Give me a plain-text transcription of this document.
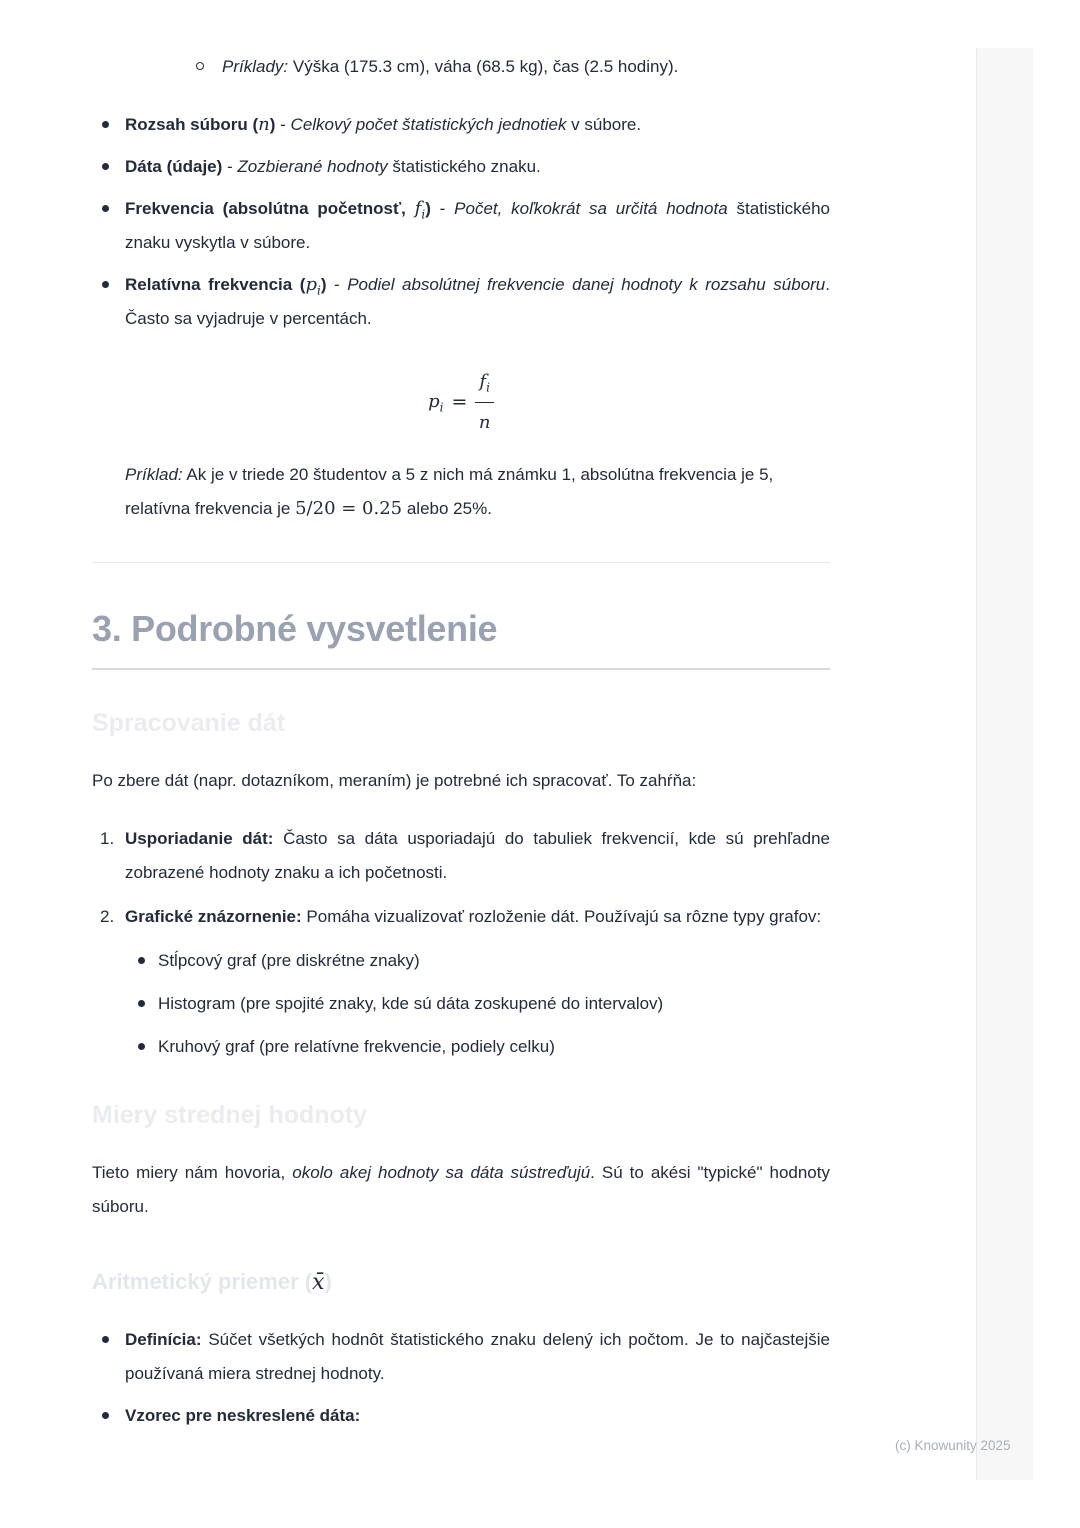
Príklady: Výška (175.3 cm), váha (68.5 kg), čas (2.5 hodiny).
Rozsah súboru (n) - Celkový počet štatistických jednotiek v súbore.
Dáta (údaje) - Zozbierané hodnoty štatistického znaku.
Frekvencia (absolútna početnosť, $f_i$) - Počet, koľkokrát sa určitá hodnota štatistického znaku vyskytla v súbore.
Relatívna frekvencia $(p_i)$ - Podiel absolútnej frekvencie danej hodnoty k rozsahu súboru. Často sa vyjadruje v percentách.
$p_i = \frac{f_i}{n}$

Príklad: Ak je v triede 20 študentov a 5 z nich má známku 1, absolútna frekvencia je 5, relatívna frekvencia je 5/20 = 0.25 alebo 25%.

3. Podrobné vysvetlenie
Spracovanie dát

Po zbere dát (napr. dotazníkom, meraním) je potrebné ich spracovať. To zahŕňa:

1. Usporiadanie dát: Často sa dáta usporiadajú do tabuliek frekvencií, kde sú prehľadne zobrazené hodnoty znaku a ich početnosti.
2. Grafické znázornenie: Pomáha vizualizovať rozloženie dát. Používajú sa rôzne typy grafov:
Stĺpcový graf (pre diskrétne znaky)
Histogram (pre spojité znaky, kde sú dáta zoskupené do intervalov)
Kruhový graf (pre relatívne frekvencie, podiely celku)
Miery strednej hodnoty

Tieto miery nám hovoria, okolo akej hodnoty sa dáta sústreďujú. Sú to akési "typické" hodnoty súboru.

Aritmetický priemer (x̄)
Definícia: Súčet všetkých hodnôt štatistického znaku delený ich počtom. Je to najčastejšie používaná miera strednej hodnoty.
Vzorec pre neskreslené dáta:
(c) Knowunity 2025
